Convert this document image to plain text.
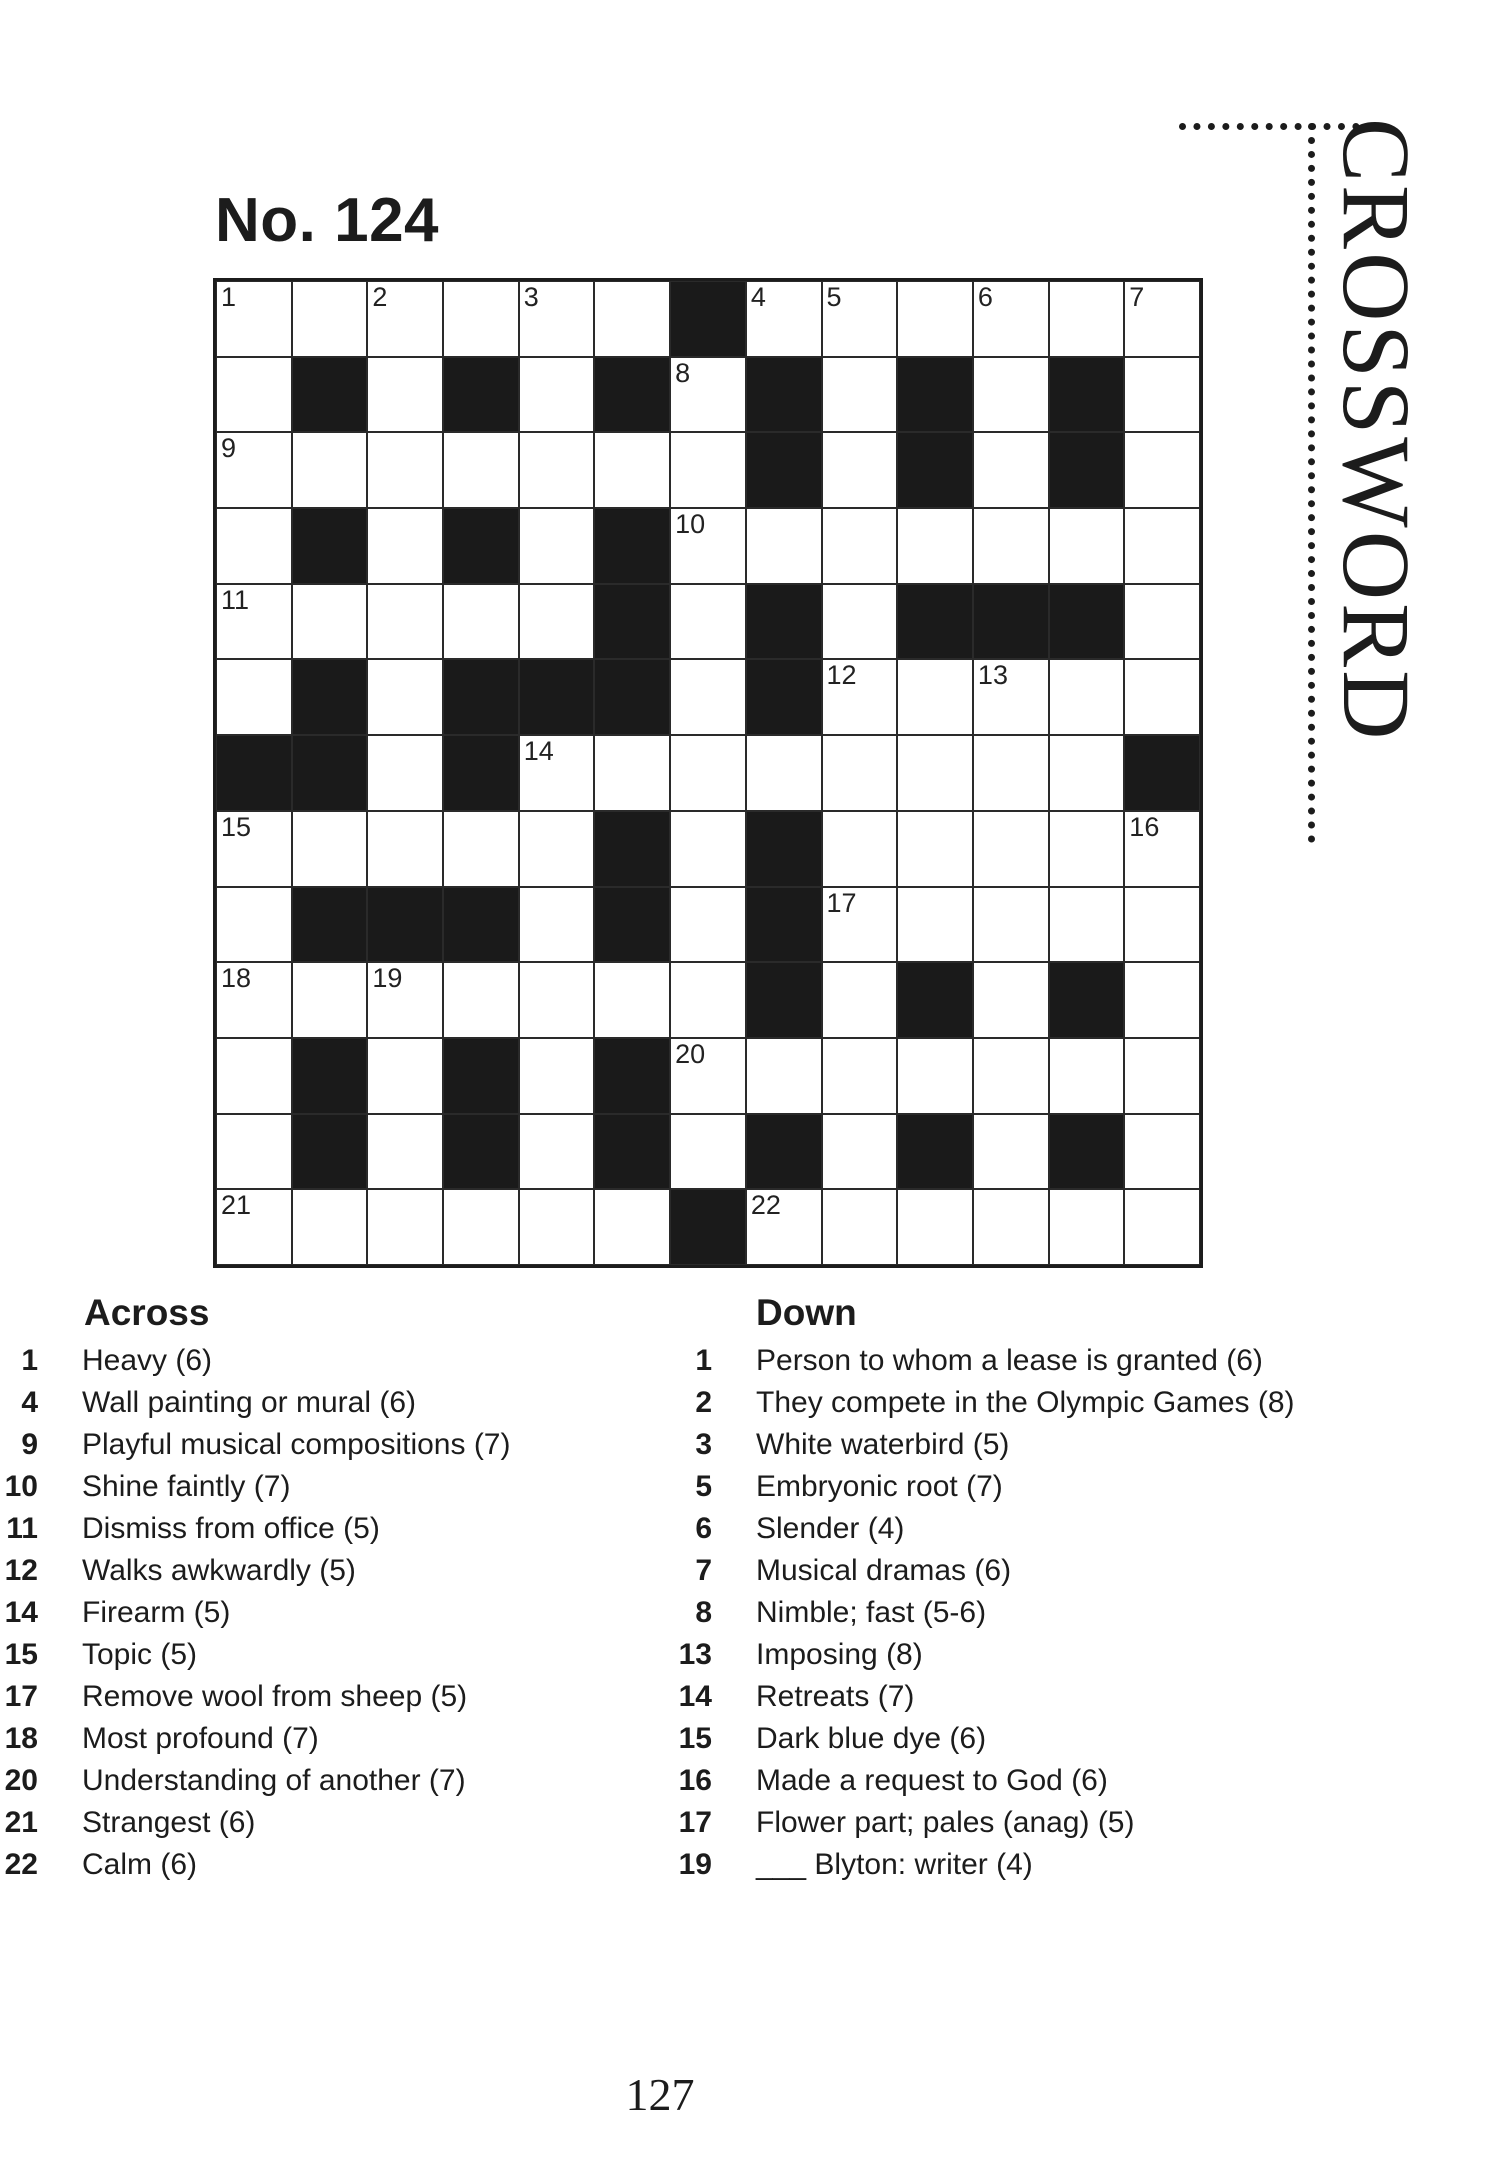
No. 124	CROSSWORD
1	2	3	4 5	6	7
8
9
10
11
12	13
14
15	16
17
18	19
20
21	22
Across
1	Heavy (6)
4	Wall painting or mural (6)
9	Playful musical compositions (7)
10	Shine faintly (7)
11	Dismiss from office (5)
12	Walks awkwardly (5)
14	Firearm (5)
15	Topic (5)
17	Remove wool from sheep (5)
18	Most profound (7)
20	Understanding of another (7)
21	Strangest (6)
22	Calm (6)
Down
1	Person to whom a lease is granted (6)
2	They compete in the Olympic Games (8)
3	White waterbird (5)
5	Embryonic root (7)
6	Slender (4)
7	Musical dramas (6)
8	Nimble; fast (5-6)
13	Imposing (8)
14	Retreats (7)
15	Dark blue dye (6)
16	Made a request to God (6)
17	Flower part; pales (anag) (5)
19	___ Blyton: writer (4)
127
